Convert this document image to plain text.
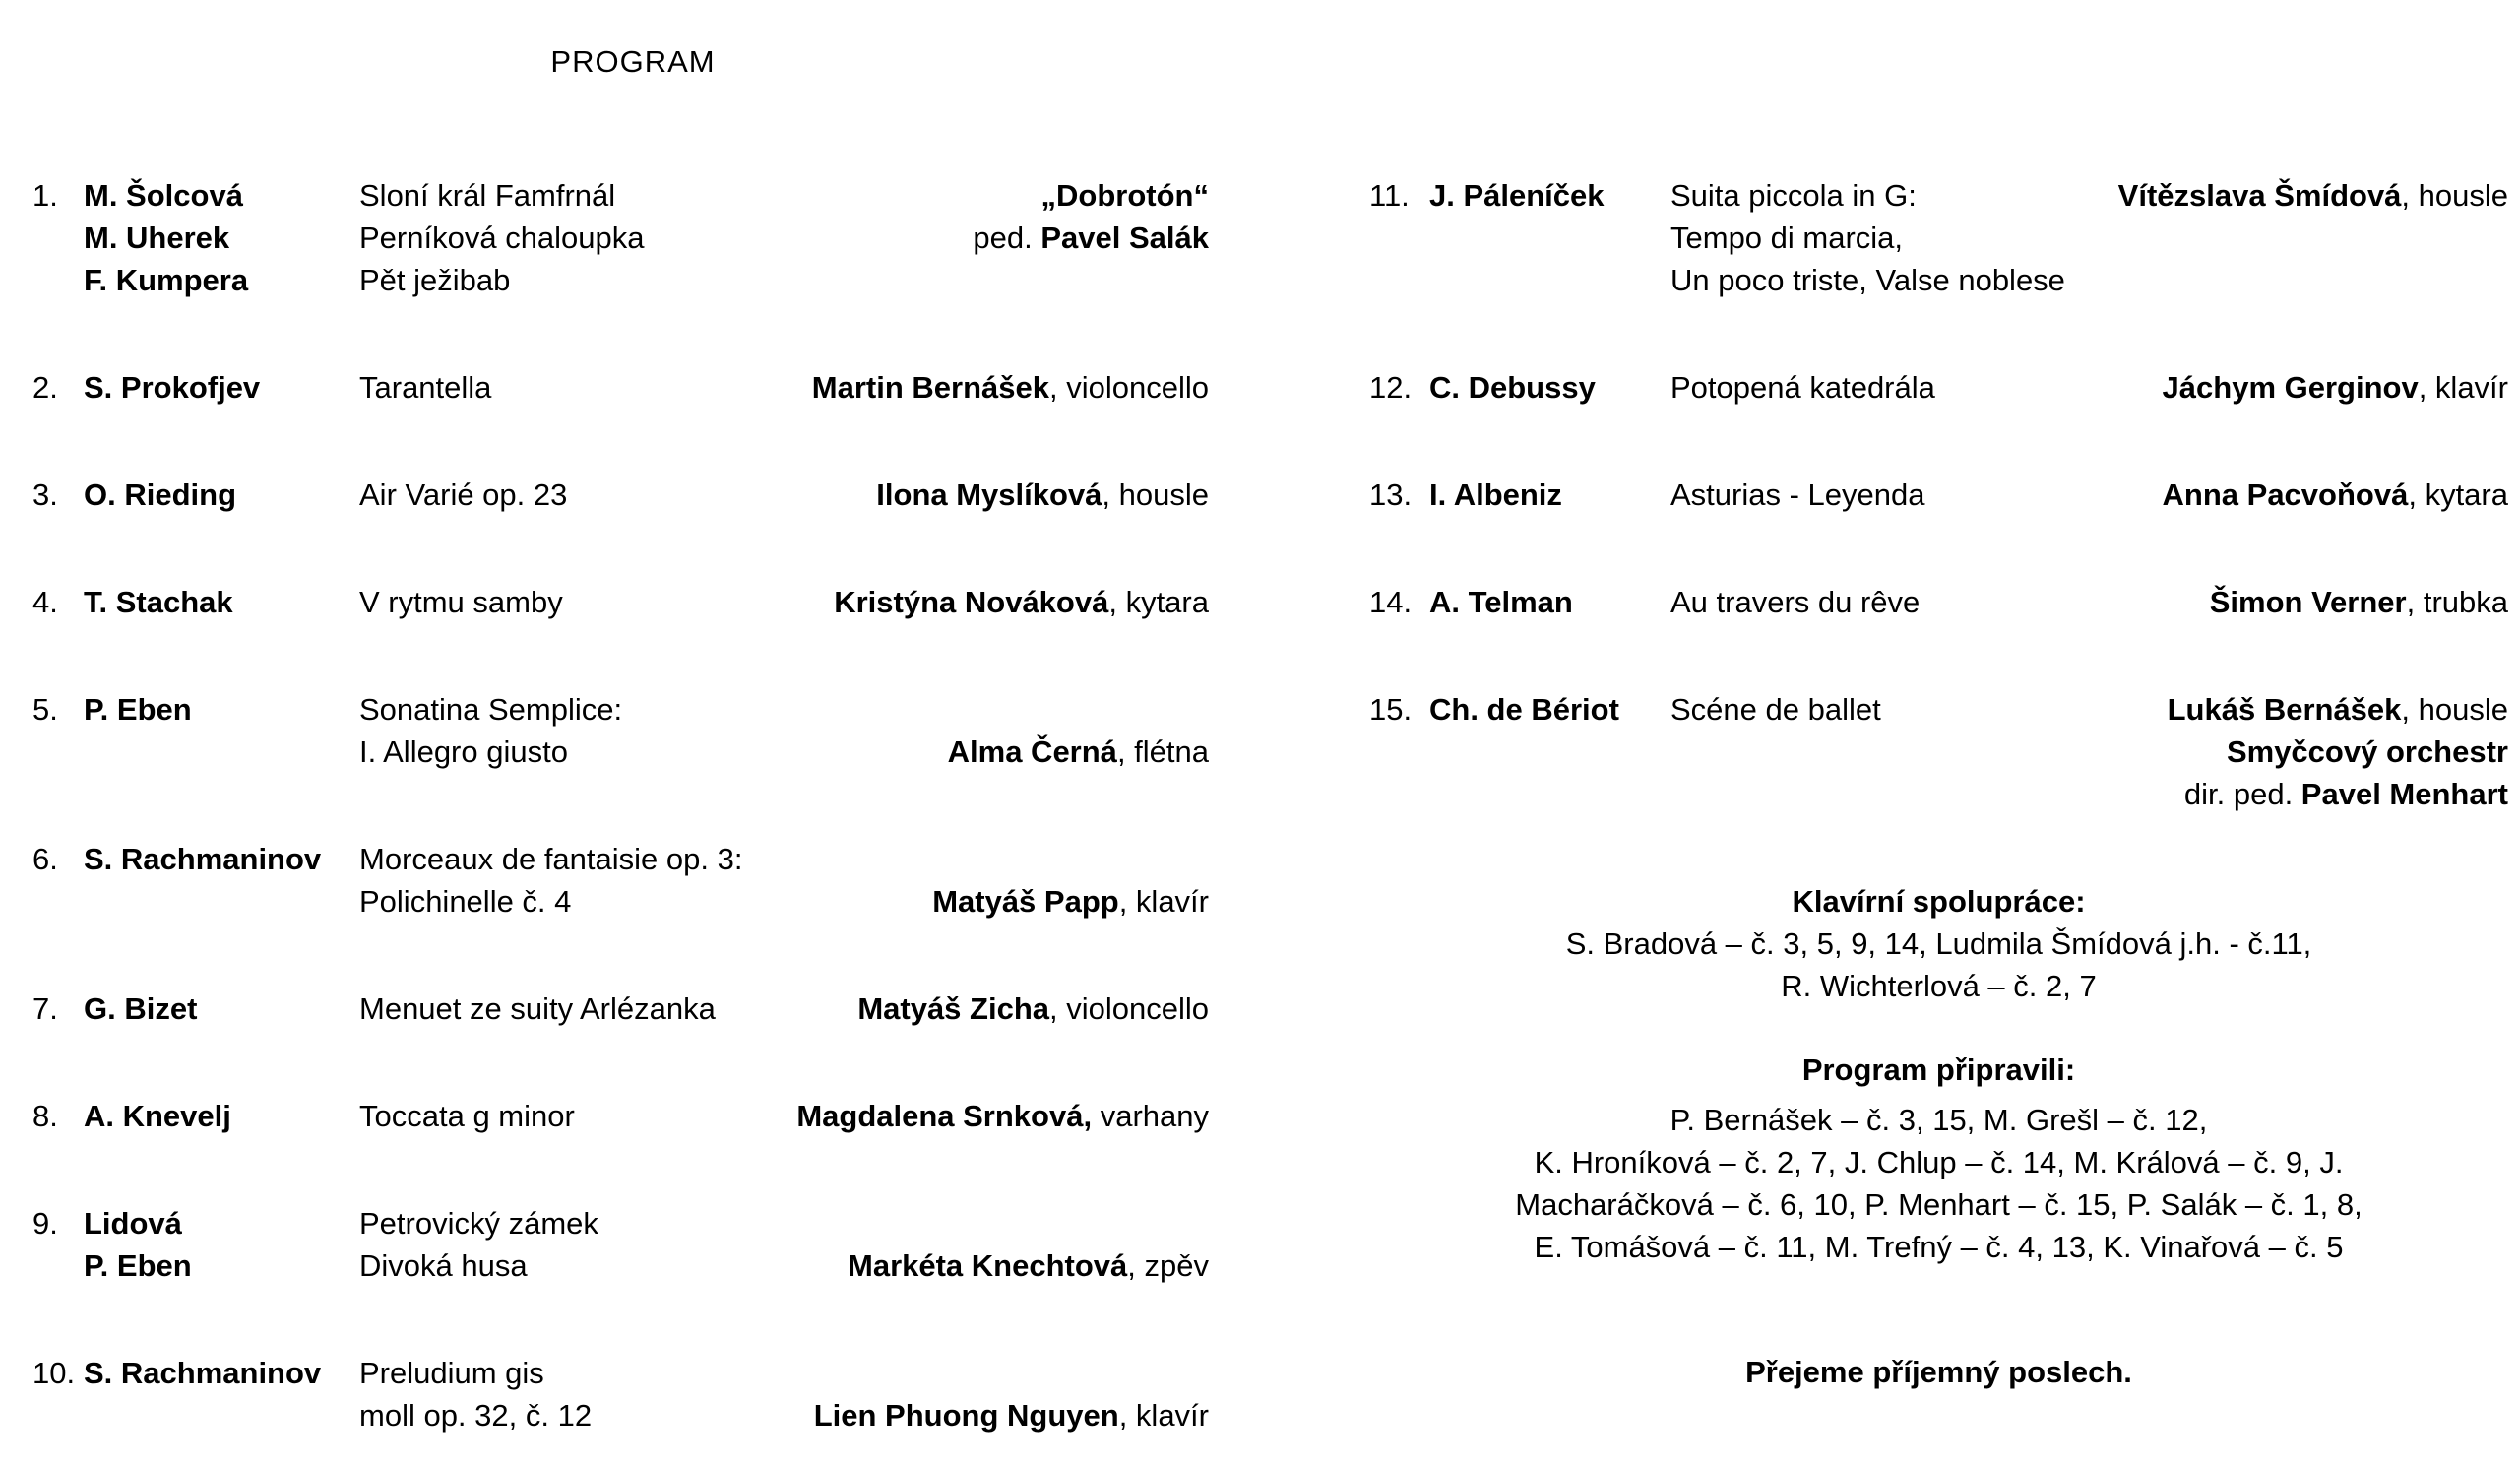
PROGRAM
1. M. Šolcová	Sloní král Famfrnál	„Dobrotón“
M. Uherek	Perníková chaloupka	ped. Pavel Salák
F. Kumpera	Pět ježibab
2. S. Prokofjev	Tarantella	Martin Bernášek, violoncello
3. O. Rieding	Air Varié op. 23	Ilona Myslíková, housle
4. T. Stachak	V rytmu samby	Kristýna Nováková, kytara
5. P. Eben	Sonatina Semplice:
I. Allegro giusto	Alma Černá, flétna
6. S. Rachmaninov	Morceaux de fantaisie op. 3:
Polichinelle č. 4	Matyáš Papp, klavír
7. G. Bizet	Menuet ze suity Arlézanka	Matyáš Zicha, violoncello
8. A. Knevelj	Toccata g minor	Magdalena Srnková, varhany
9. Lidová	Petrovický zámek
P. Eben	Divoká husa	Markéta Knechtová, zpěv
10. S. Rachmaninov	Preludium gis
moll op. 32, č. 12	Lien Phuong Nguyen, klavír
11. J. Páleníček	Suita piccola in G:	Vítězslava Šmídová, housle
Tempo di marcia,
Un poco triste, Valse noblese
12. C. Debussy	Potopená katedrála	Jáchym Gerginov, klavír
13. I. Albeniz	Asturias - Leyenda	Anna Pacvoňová, kytara
14. A. Telman	Au travers du rêve	Šimon Verner, trubka
15. Ch. de Bériot	Scéne de ballet	Lukáš Bernášek, housle
Smyčcový orchestr
dir. ped. Pavel Menhart
Klavírní spolupráce:
S. Bradová – č. 3, 5, 9, 14, Ludmila Šmídová j.h. - č.11,
R. Wichterlová – č. 2, 7
Program připravili:
P. Bernášek – č. 3, 15, M. Grešl – č. 12,
K. Hroníková – č. 2, 7, J. Chlup – č. 14, M. Králová – č. 9, J.
Macharáčková – č. 6, 10, P. Menhart – č. 15, P. Salák – č. 1, 8,
E. Tomášová – č. 11, M. Trefný – č. 4, 13, K. Vinařová – č. 5
Přejeme příjemný poslech.
